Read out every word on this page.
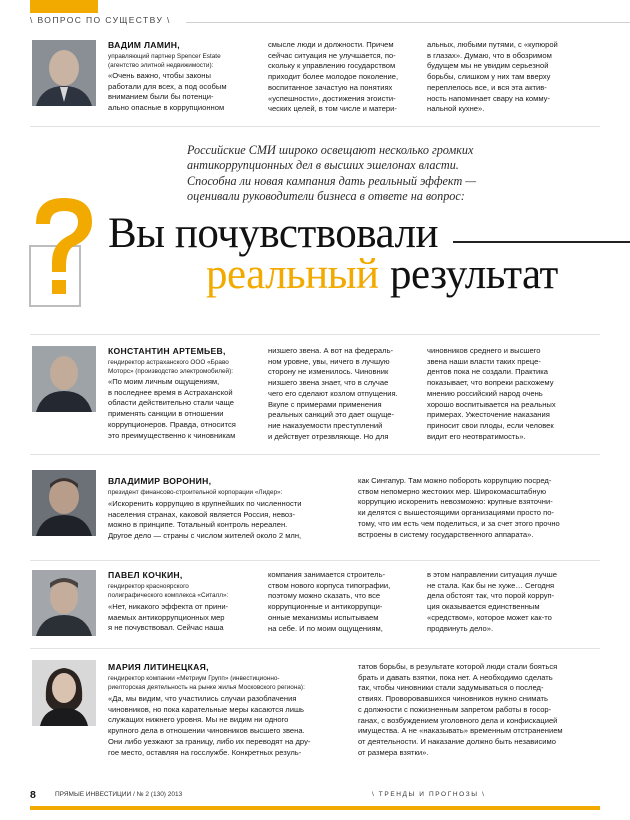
\ ВОПРОС ПО СУЩЕСТВУ \
ВАДИМ ЛАМИН,
управляющий партнер Spencer Estate
(агентство элитной недвижимости):
«Очень важно, чтобы законы
работали для всех, а под особым
вниманием были бы потенци-
ально опасные в коррупционном
смысле люди и должности. Причем
сейчас ситуация не улучшается, по-
скольку к управлению государством
приходит более молодое поколение,
воспитанное зачастую на понятиях
«успешности», достижения эгоисти-
ческих целей, в том числе и матери-
альных, любыми путями, с «купюрой
в глазах». Думаю, что в обозримом
будущем мы не увидим серьезной
борьбы, слишком у них там вверху
переплелось все, и вся эта актив-
ность напоминает свару на комму-
нальной кухне».
Российские СМИ широко освещают несколько громких
антикоррупционных дел в высших эшелонах власти.
Способна ли новая кампания дать реальный эффект —
оценивали руководители бизнеса в ответе на вопрос:
Вы почувствовали
реальный результат
КОНСТАНТИН АРТЕМЬЕВ,
гендиректор астраханского ООО «Браво
Моторс» (производство электромобилей):
«По моим личным ощущениям,
в последнее время в Астраханской
области действительно стали чаще
применять санкции в отношении
коррупционеров. Правда, относится
это преимущественно к чиновникам
низшего звена. А вот на федераль-
ном уровне, увы, ничего в лучшую
сторону не изменилось. Чиновник
низшего звена знает, что в случае
чего его сделают козлом отпущения.
Вкупе с примерами применения
реальных санкций это дает ощуще-
ние наказуемости преступлений
и действует отрезвляюще. Но для
чиновников среднего и высшего
звена наши власти таких преце-
дентов пока не создали. Практика
показывает, что вопреки расхожему
мнению российский народ очень
хорошо воспитывается на реальных
примерах. Ужесточение наказания
приносит свои плоды, если человек
видит его неотвратимость».
ВЛАДИМИР ВОРОНИН,
президент финансово-строительной корпорации «Лидер»:
«Искоренить коррупцию в крупнейших по численности
населения странах, каковой является Россия, невоз-
можно в принципе. Тотальный контроль нереален.
Другое дело — страны с числом жителей около 2 млн,
как Сингапур. Там можно побороть коррупцию посред-
ством непомерно жестоких мер. Широкомасштабную
коррупцию искоренить невозможно: крупные взяточни-
ки делятся с вышестоящими организациями просто по-
тому, что им есть чем поделиться, и за счет этого прочно
встроены в систему государственного аппарата».
ПАВЕЛ КОЧКИН,
гендиректор красноярского
полиграфического комплекса «Ситалл»:
«Нет, никакого эффекта от прини-
маемых антикоррупционных мер
я не почувствовал. Сейчас наша
компания занимается строитель-
ством нового корпуса типографии,
поэтому можно сказать, что все
коррупционные и антикоррупци-
онные механизмы испытываем
на себе. И по моим ощущениям,
в этом направлении ситуация лучше
не стала. Как бы не хуже… Сегодня
дела обстоят так, что порой корруп-
ция оказывается единственным
«средством», которое может как-то
продвинуть дело».
МАРИЯ ЛИТИНЕЦКАЯ,
гендиректор компании «Метриум Групп» (инвестиционно-
риелторская деятельность на рынке жилья Московского региона):
«Да, мы видим, что участились случаи разоблачения
чиновников, но пока карательные меры касаются лишь
служащих нижнего уровня. Мы не видим ни одного
крупного дела в отношении чиновников высшего звена.
Они либо уезжают за границу, либо их переводят на дру-
гое место, оставляя на госслужбе. Конкретных резуль-
татов борьбы, в результате которой люди стали бояться
брать и давать взятки, пока нет. А необходимо сделать
так, чтобы чиновники стали задумываться о послед-
ствиях. Проворовавшихся чиновников нужно снимать
с должности с пожизненным запретом работы в госор-
ганах, с возбуждением уголовного дела и конфискацией
имущества. А не «наказывать» временным отстранением
от деятельности. И наказание должно быть независимо
от размера взятки».
8	ПРЯМЫЕ ИНВЕСТИЦИИ / № 2 (130) 2013	\ ТРЕНДЫ И ПРОГНОЗЫ \
